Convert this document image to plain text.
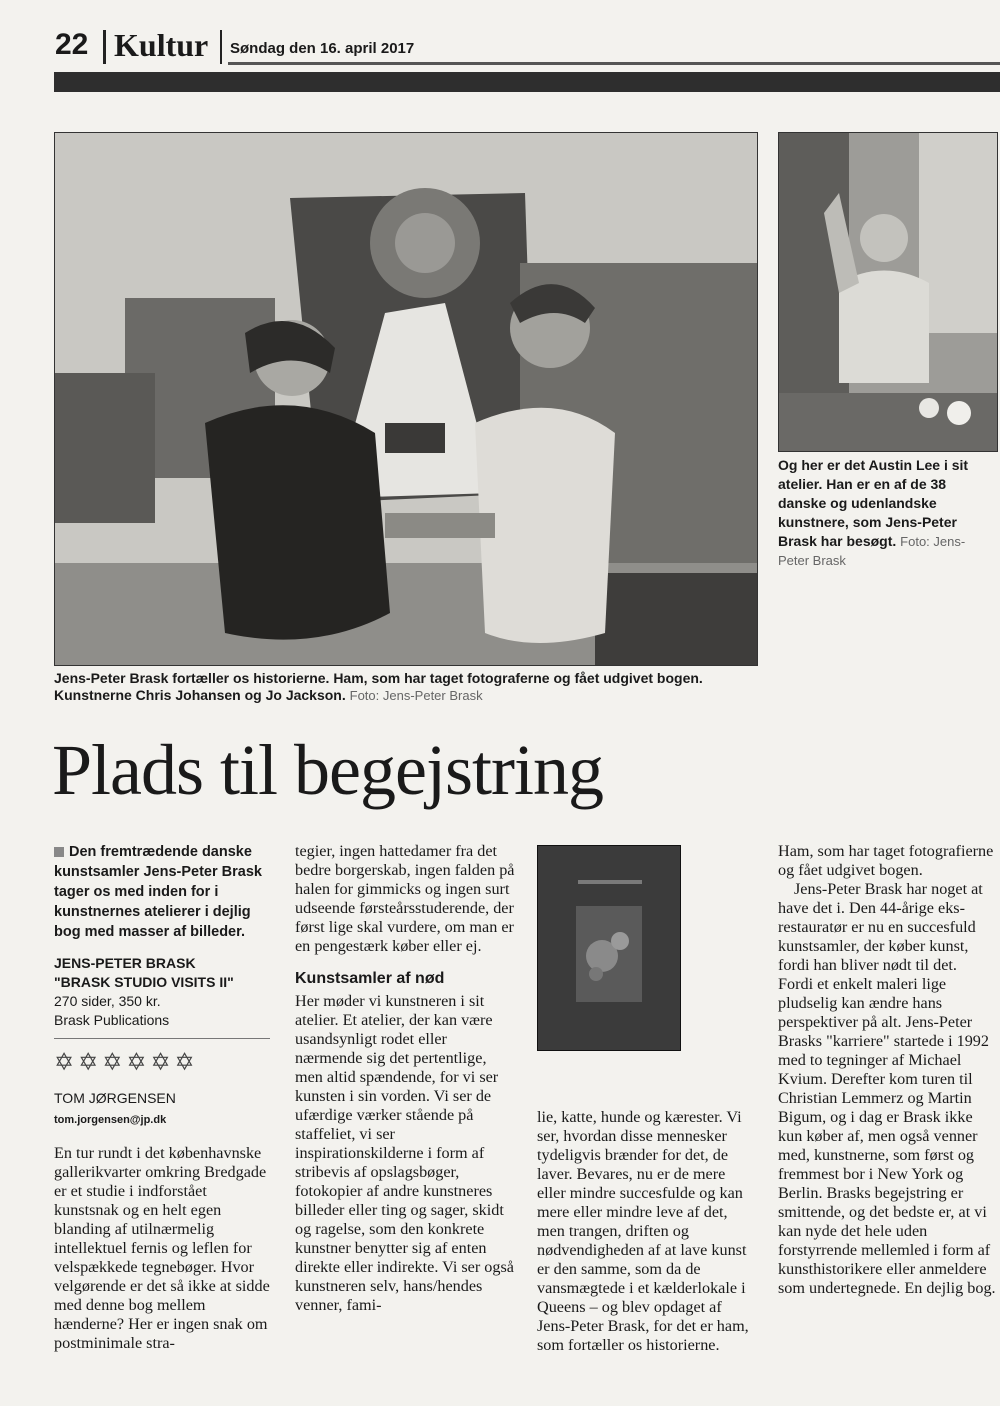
22 Kultur Søndag den 16. april 2017
Jens-Peter Brask fortæller os historierne. Ham, som har taget fotograferne og fået udgivet bogen. Kunstnerne Chris Johansen og Jo Jackson. Foto: Jens-Peter Brask
Og her er det Austin Lee i sit atelier. Han er en af de 38 danske og udenlandske kunstnere, som Jens-Peter Brask har besøgt. Foto: Jens-Peter Brask
Plads til begejstring

Den fremtrædende danske kunstsamler Jens-Peter Brask tager os med inden for i kunstnernes atelierer i dejlig bog med masser af billeder.

JENS-PETER BRASK
"BRASK STUDIO VISITS II"
270 sider, 350 kr.
Brask Publications
✡✡✡✡✡✡
TOM JØRGENSEN
tom.jorgensen@jp.dk

En tur rundt i det københavnske gallerikvarter omkring Bredgade er et studie i indforstået kunstsnak og en helt egen blanding af utilnærmelig intellektuel fernis og leflen for velspækkede tegnebøger. Hvor velgørende er det så ikke at sidde med denne bog mellem hænderne? Her er ingen snak om postminimale stra-

tegier, ingen hattedamer fra det bedre borgerskab, ingen falden på halen for gimmicks og ingen surt udseende førsteårsstuderende, der først lige skal vurdere, om man er en pengestærk køber eller ej.

Kunstsamler af nød

Her møder vi kunstneren i sit atelier. Et atelier, der kan være usandsynligt rodet eller nærmende sig det pertentlige, men altid spændende, for vi ser kunsten i sin vorden. Vi ser de ufærdige værker stående på staffeliet, vi ser inspirationskilderne i form af stribevis af opslagsbøger, fotokopier af andre kunstneres billeder eller ting og sager, skidt og ragelse, som den konkrete kunstner benytter sig af enten direkte eller indirekte. Vi ser også kunstneren selv, hans/hendes venner, fami-

lie, katte, hunde og kærester. Vi ser, hvordan disse mennesker tydeligvis brænder for det, de laver. Bevares, nu er de mere eller mindre succesfulde og kan mere eller mindre leve af det, men trangen, driften og nødvendigheden af at lave kunst er den samme, som da de vansmægtede i et kælderlokale i Queens – og blev opdaget af Jens-Peter Brask, for det er ham, som fortæller os historierne.

Ham, som har taget fotografierne og fået udgivet bogen.

Jens-Peter Brask har noget at have det i. Den 44-årige eks-restauratør er nu en succesfuld kunstsamler, der køber kunst, fordi han bliver nødt til det. Fordi et enkelt maleri lige pludselig kan ændre hans perspektiver på alt. Jens-Peter Brasks "karriere" startede i 1992 med to tegninger af Michael Kvium. Derefter kom turen til Christian Lemmerz og Martin Bigum, og i dag er Brask ikke kun køber af, men også venner med, kunstnerne, som først og fremmest bor i New York og Berlin. Brasks begejstring er smittende, og det bedste er, at vi kan nyde det hele uden forstyrrende mellemled i form af kunsthistorikere eller anmeldere som undertegnede. En dejlig bog.
